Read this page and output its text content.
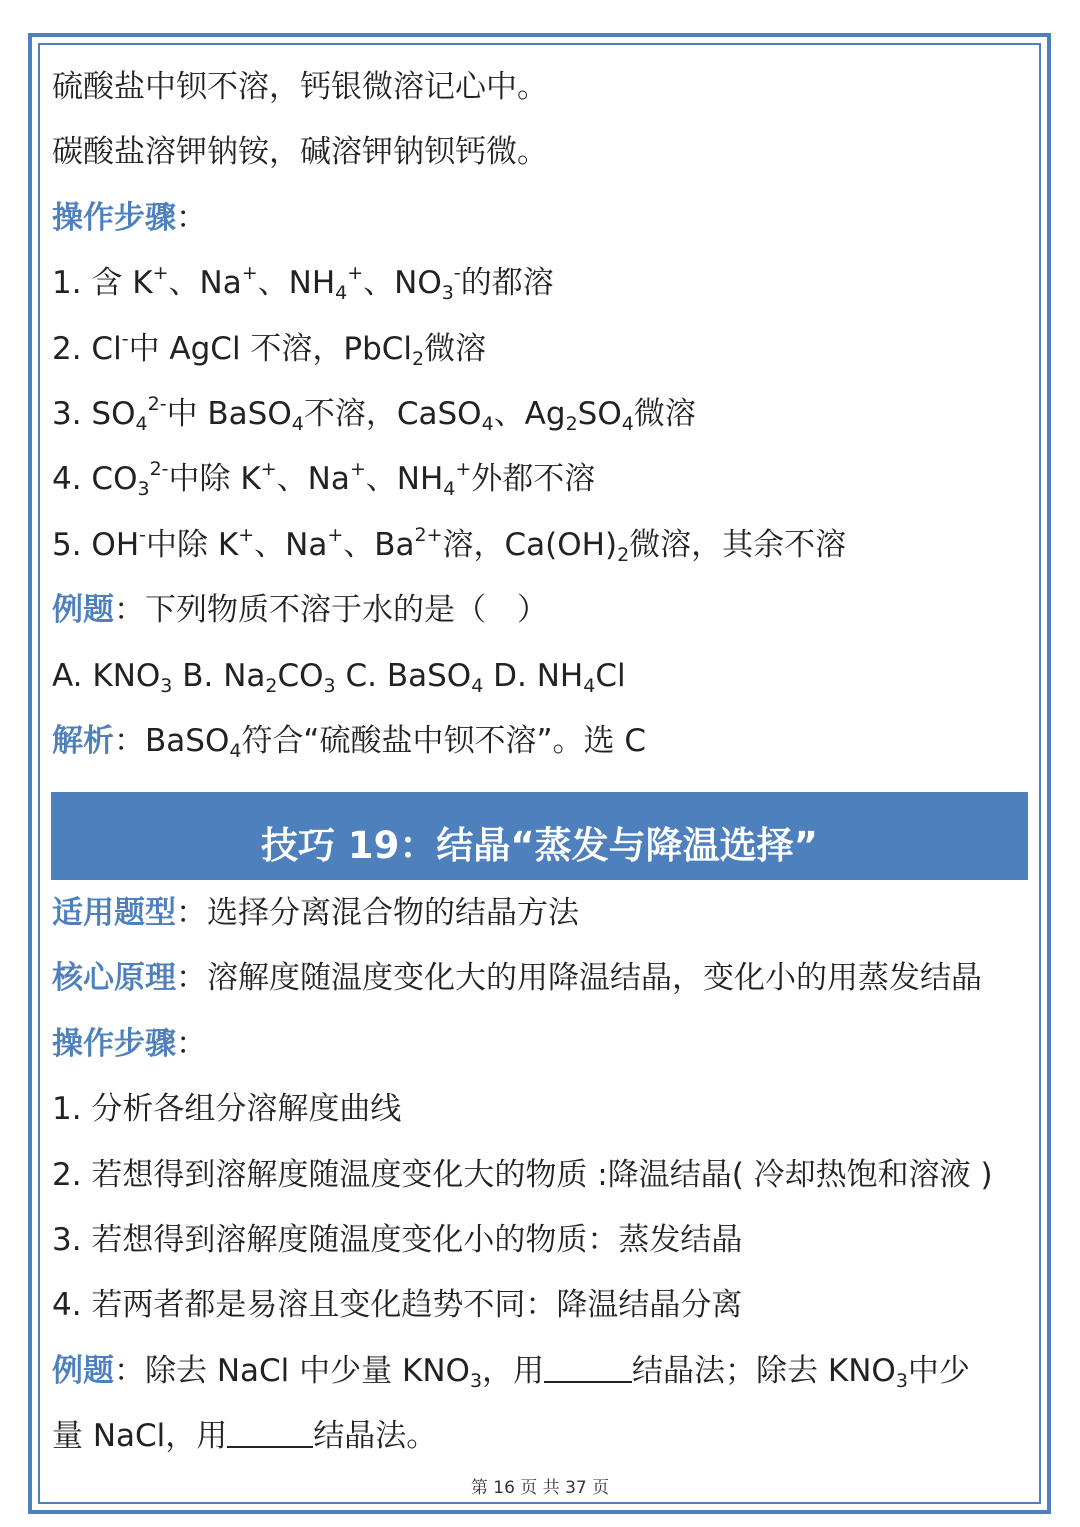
硫酸盐中钡不溶，钙银微溶记心中。
碳酸盐溶钾钠铵，碱溶钾钠钡钙微。
操作步骤：
1. 含 K+、Na+、$NH_4^+$、$NO_3^-$的都溶
2. Cl-中 AgCl 不溶，PbCl$_2$微溶
3. $SO_4^{2-}$中 BaSO$_4$不溶，CaSO$_4$、$Ag_2SO_4$微溶
4. $CO_3^{2-}$中除 K+、Na+、$NH_4^+$外都不溶
5. OH-中除 K+、Na+、$Ba^{2+}$溶，$Ca(OH)_2$微溶，其余不溶
例题：下列物质不溶于水的是（　）
A. $KNO_3$ B. $Na_2CO_3$ C. BaSO$_4$ D. $NH_4Cl$
解析：BaSO$_4$符合“硫酸盐中钡不溶”。选 C
技巧 19：结晶“蒸发与降温选择”
适用题型：选择分离混合物的结晶方法
核心原理：溶解度随温度变化大的用降温结晶，变化小的用蒸发结晶
操作步骤：
1. 分析各组分溶解度曲线
2. 若想得到溶解度随温度变化大的物质 :降温结晶( 冷却热饱和溶液 )
3. 若想得到溶解度随温度变化小的物质：蒸发结晶
4. 若两者都是易溶且变化趋势不同：降温结晶分离
例题：除去 NaCl 中少量 $KNO_3$，用	结晶法；除去 $KNO_3$中少
量 NaCl，用	结晶法。
第 16 页 共 37 页
